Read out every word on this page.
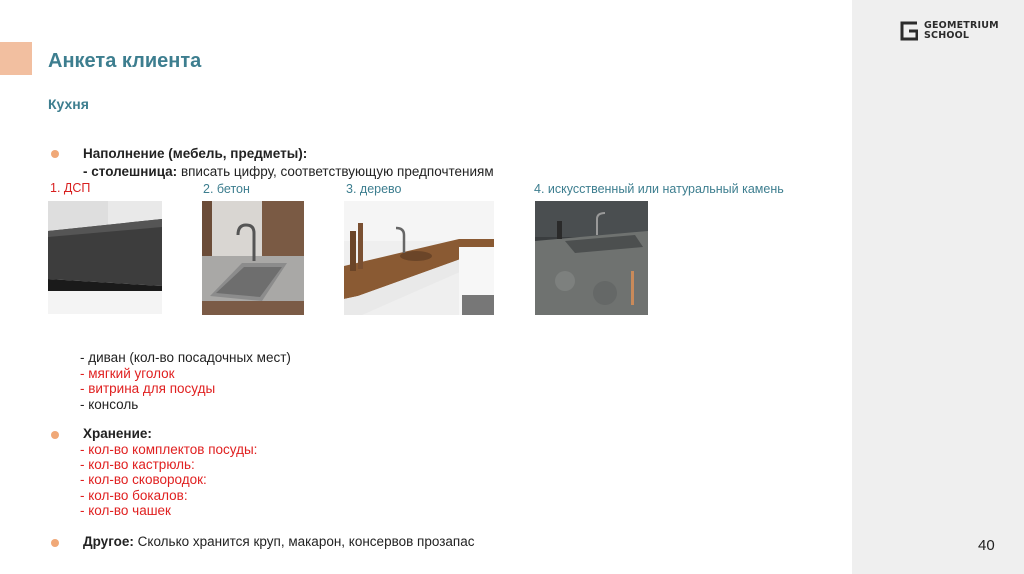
GEOMETRIUM
SCHOOL
Анкета клиента
Кухня
Наполнение (мебель, предметы):
- столешница: вписать цифру, соответствующую предпочтениям
1. ДСП	2. бетон	3. дерево	4. искусственный или натуральный камень
- диван (кол-во посадочных мест)
- мягкий уголок
- витрина для посуды
- консоль
Хранение:
- кол-во комплектов посуды:
- кол-во кастрюль:
- кол-во сковородок:
- кол-во бокалов:
- кол-во чашек
Другое: Сколько хранится круп, макарон, консервов прозапас	40
